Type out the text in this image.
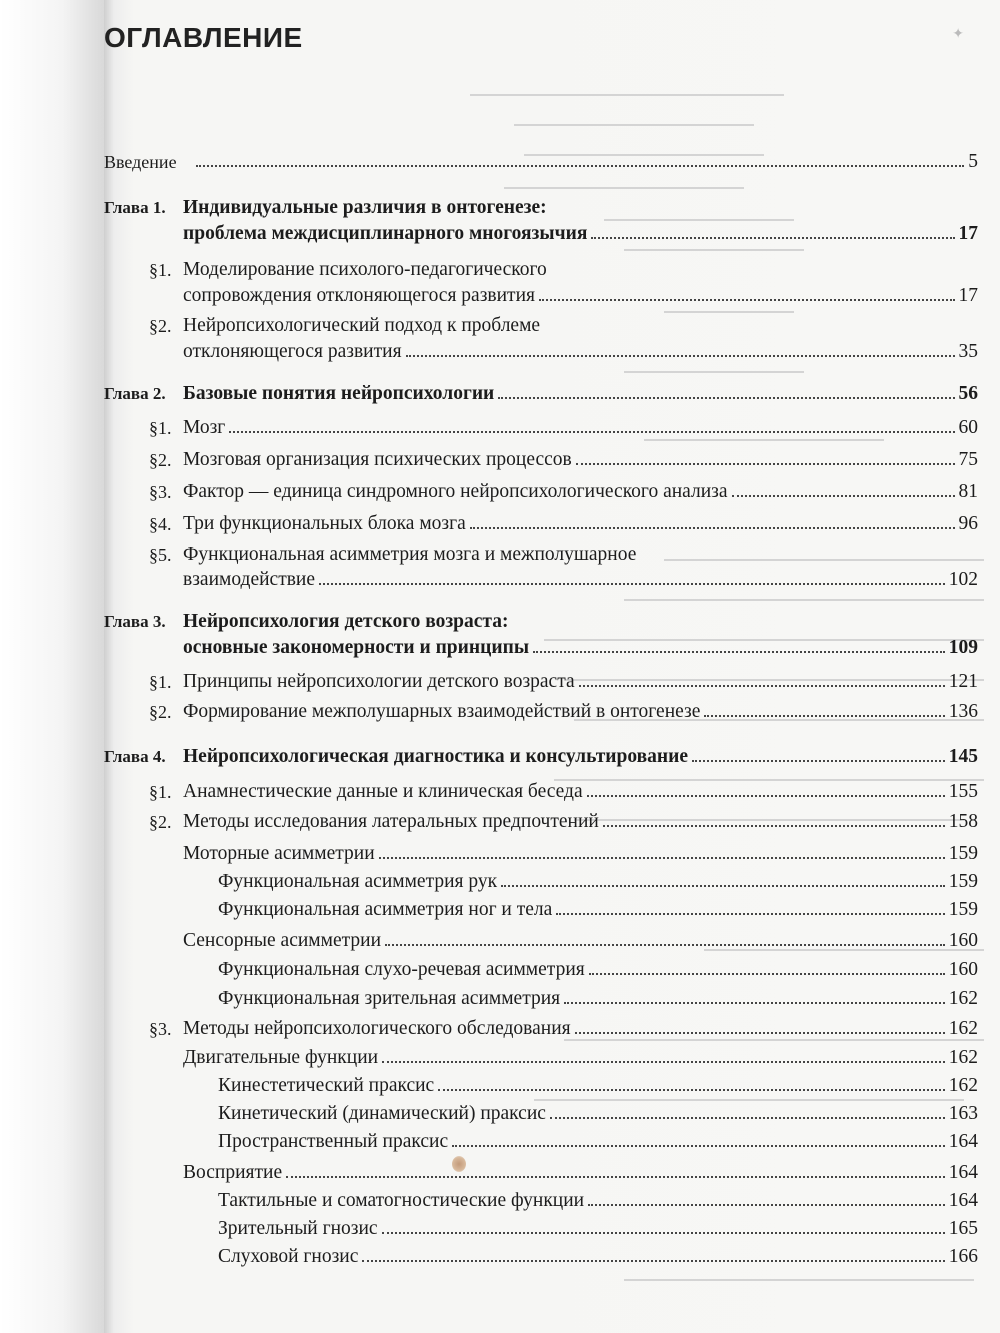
ОГЛАВЛЕНИЕ	✦
Введение	5
Глава 1. Индивидуальные различия в онтогенезе:
проблема междисциплинарного многоязычия	17
§1. Моделирование психолого-педагогического
сопровождения отклоняющегося развития	17
§2. Нейропсихологический подход к проблеме
отклоняющегося развития	35
Глава 2. Базовые понятия нейропсихологии	56
§1. Мозг	60
§2. Мозговая организация психических процессов	75
§3. Фактор — единица синдромного нейропсихологического анализа	81
§4. Три функциональных блока мозга	96
§5. Функциональная асимметрия мозга и межполушарное
взаимодействие	102
Глава 3. Нейропсихология детского возраста:
основные закономерности и принципы	109
§1. Принципы нейропсихологии детского возраста	121
§2. Формирование межполушарных взаимодействий в онтогенезе	136
Глава 4. Нейропсихологическая диагностика и консультирование	145
§1. Анамнестические данные и клиническая беседа	155
§2. Методы исследования латеральных предпочтений	158
Моторные асимметрии	159
Функциональная асимметрия рук	159
Функциональная асимметрия ног и тела	159
Сенсорные асимметрии	160
Функциональная слухо-речевая асимметрия	160
Функциональная зрительная асимметрия	162
§3. Методы нейропсихологического обследования	162
Двигательные функции	162
Кинестетический праксис	162
Кинетический (динамический) праксис	163
Пространственный праксис	164
Восприятие	164
Тактильные и соматогностические функции	164
Зрительный гнозис	165
Слуховой гнозис	166
